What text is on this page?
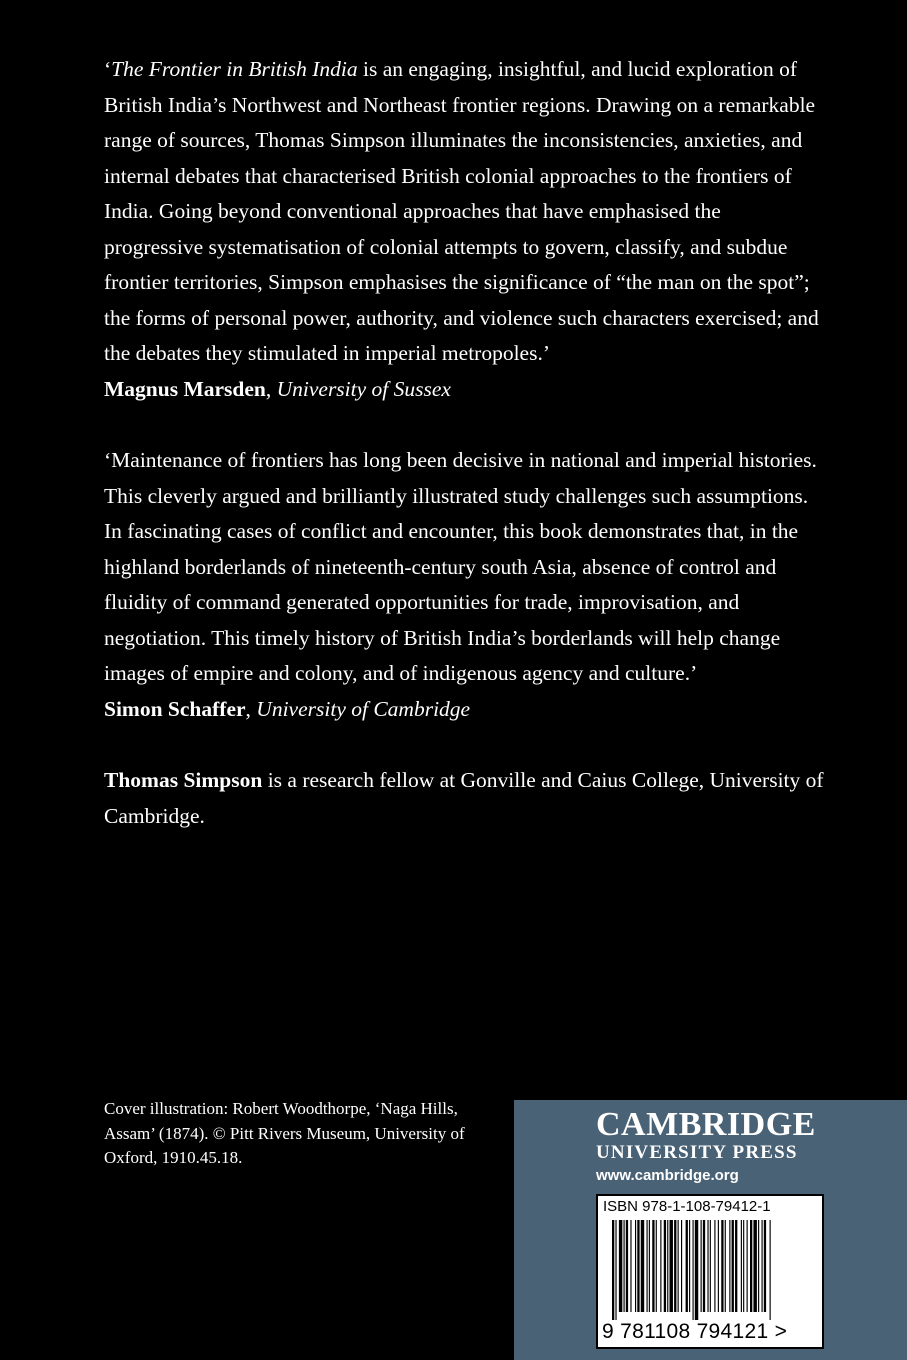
‘The Frontier in British India is an engaging, insightful, and lucid exploration of British India’s Northwest and Northeast frontier regions. Drawing on a remarkable range of sources, Thomas Simpson illuminates the inconsistencies, anxieties, and internal debates that characterised British colonial approaches to the frontiers of India. Going beyond conventional approaches that have emphasised the progressive systematisation of colonial attempts to govern, classify, and subdue frontier territories, Simpson emphasises the significance of “the man on the spot”; the forms of personal power, authority, and violence such characters exercised; and the debates they stimulated in imperial metropoles.’
Magnus Marsden, University of Sussex
‘Maintenance of frontiers has long been decisive in national and imperial histories. This cleverly argued and brilliantly illustrated study challenges such assumptions. In fascinating cases of conflict and encounter, this book demonstrates that, in the highland borderlands of nineteenth-century south Asia, absence of control and fluidity of command generated opportunities for trade, improvisation, and negotiation. This timely history of British India’s borderlands will help change images of empire and colony, and of indigenous agency and culture.’
Simon Schaffer, University of Cambridge
Thomas Simpson is a research fellow at Gonville and Caius College, University of Cambridge.
Cover illustration: Robert Woodthorpe, ‘Naga Hills, Assam’ (1874). © Pitt Rivers Museum, University of Oxford, 1910.45.18.
CAMBRIDGE
UNIVERSITY PRESS
www.cambridge.org
ISBN 978-1-108-79412-1
9 781108 794121 >
